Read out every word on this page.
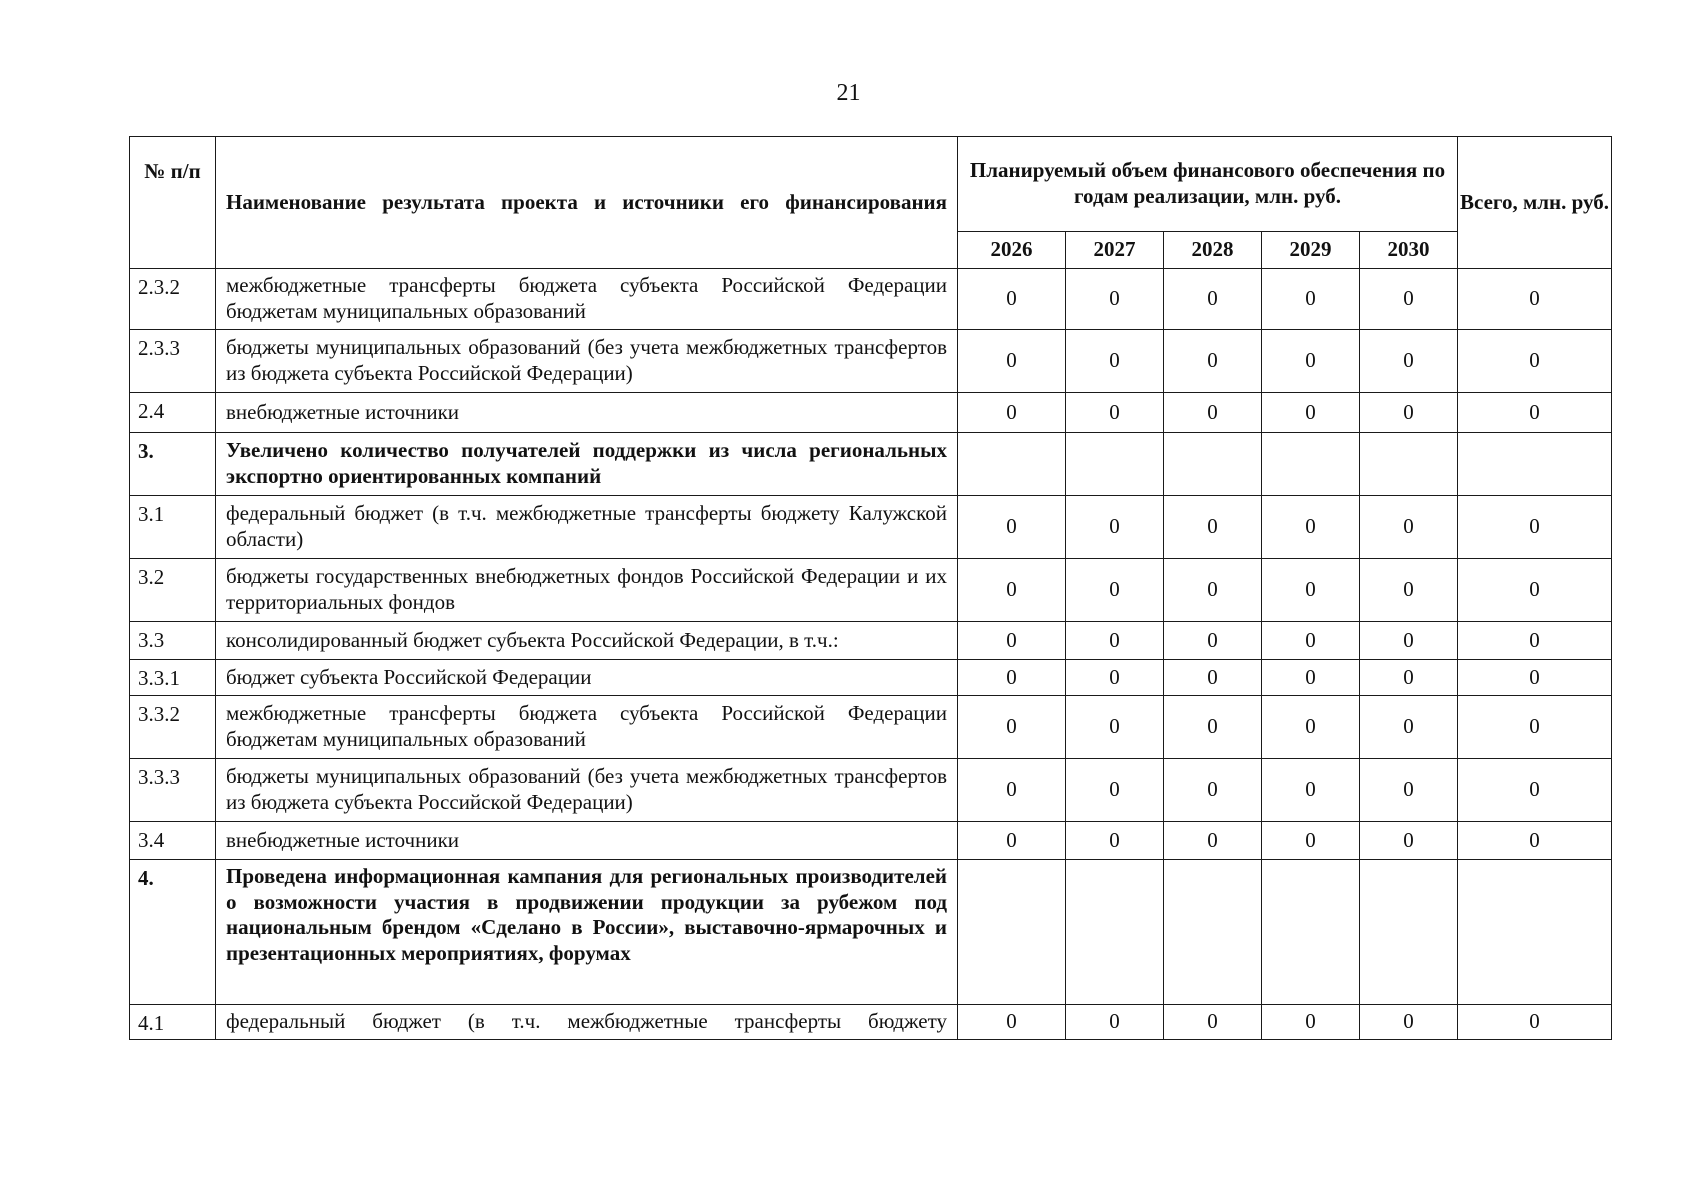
21
№ п/п	Наименование результата проекта и источники его финансирования	Планируемый объем финансового обеспечения по годам реализации, млн. руб.					Всего, млн. руб.
		2026	2027	2028	2029	2030	
2.3.2	межбюджетные трансферты бюджета субъекта Российской Федерации бюджетам муниципальных образований	0	0	0	0	0	0
2.3.3	бюджеты муниципальных образований (без учета межбюджетных трансфертов из бюджета субъекта Российской Федерации)	0	0	0	0	0	0
2.4	внебюджетные источники	0	0	0	0	0	0
3.	Увеличено количество получателей поддержки из числа региональных экспортно ориентированных компаний						
3.1	федеральный бюджет (в т.ч. межбюджетные трансферты бюджету Калужской области)	0	0	0	0	0	0
3.2	бюджеты государственных внебюджетных фондов Российской Федерации и их территориальных фондов	0	0	0	0	0	0
3.3	консолидированный бюджет субъекта Российской Федерации, в т.ч.:	0	0	0	0	0	0
3.3.1	бюджет субъекта Российской Федерации	0	0	0	0	0	0
3.3.2	межбюджетные трансферты бюджета субъекта Российской Федерации бюджетам муниципальных образований	0	0	0	0	0	0
3.3.3	бюджеты муниципальных образований (без учета межбюджетных трансфертов из бюджета субъекта Российской Федерации)	0	0	0	0	0	0
3.4	внебюджетные источники	0	0	0	0	0	0
4.	Проведена информационная кампания для региональных производителей о возможности участия в продвижении продукции за рубежом под национальным брендом «Сделано в России», выставочно-ярмарочных и презентационных мероприятиях, форумах						
4.1	федеральный бюджет (в т.ч. межбюджетные трансферты бюджету	0	0	0	0	0	0
